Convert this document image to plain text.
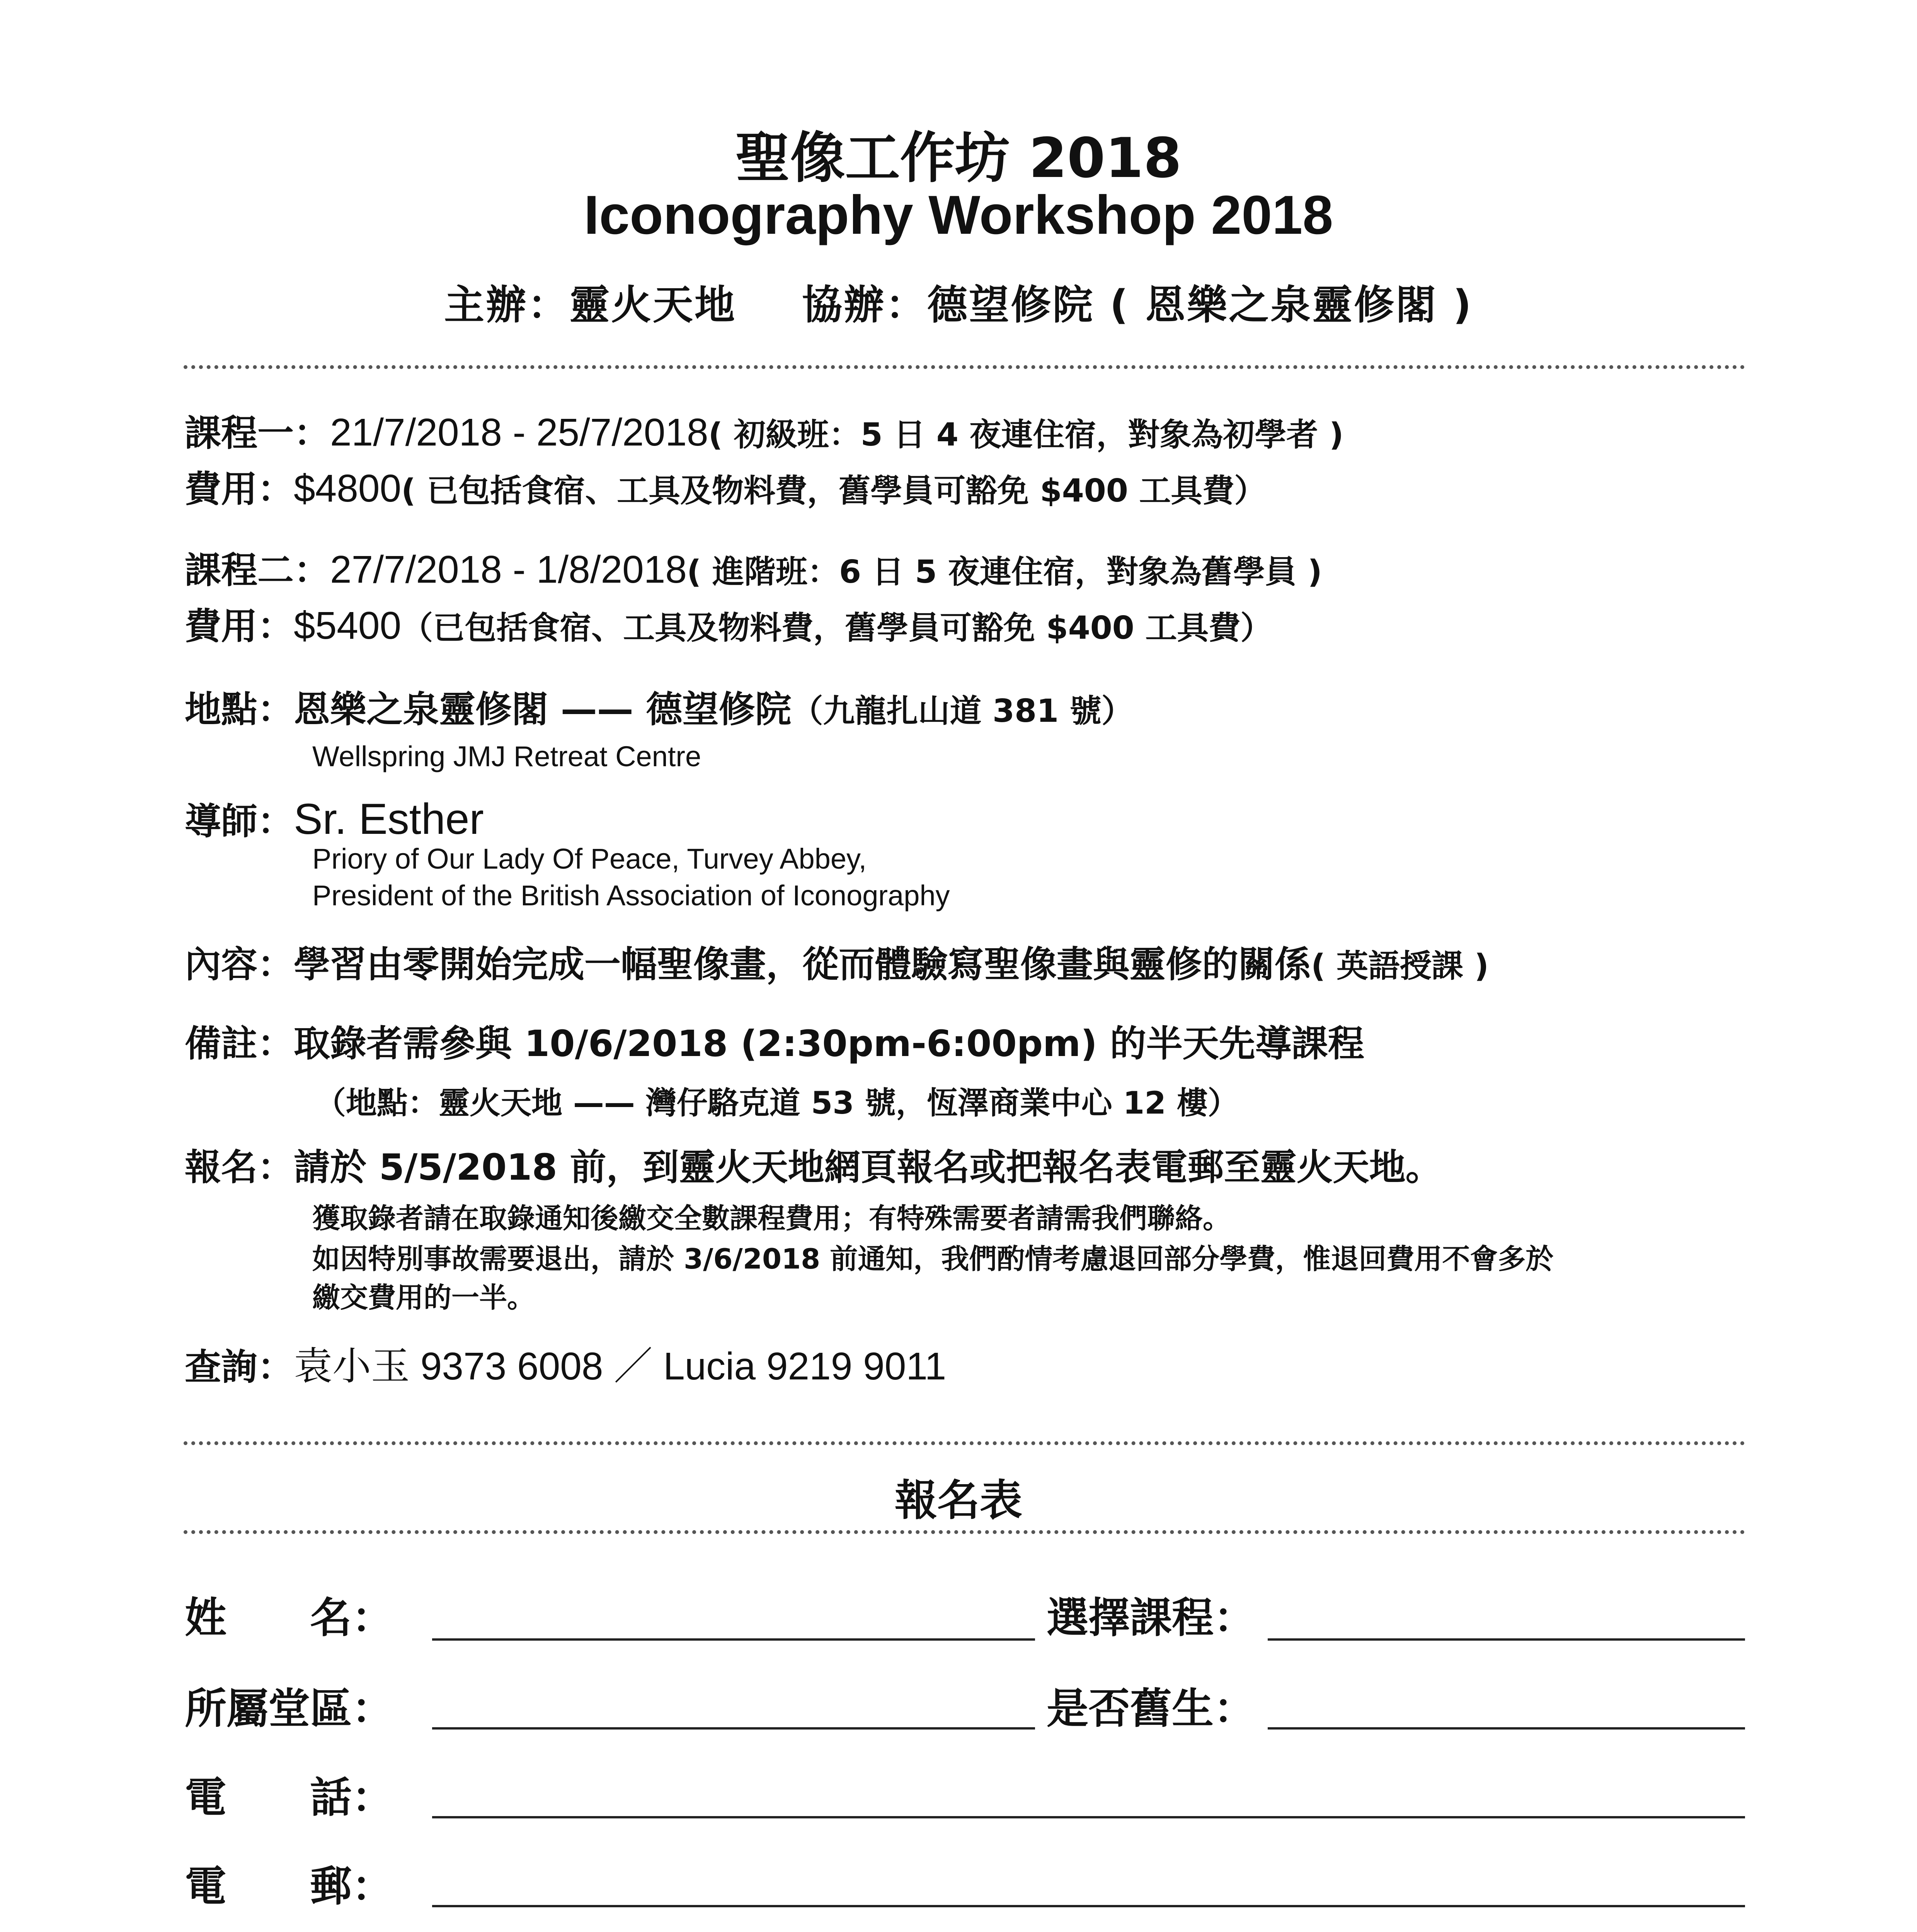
聖像工作坊 2018
Iconography Workshop 2018
主辦：靈火天地 協辦：德望修院 ( 恩樂之泉靈修閣 )
課程一：21/7/2018 - 25/7/2018( 初級班：5 日 4 夜連住宿，對象為初學者 )
費用：$4800( 已包括食宿、工具及物料費，舊學員可豁免 $400 工具費）
課程二：27/7/2018 - 1/8/2018( 進階班：6 日 5 夜連住宿，對象為舊學員 )
費用：$5400（已包括食宿、工具及物料費，舊學員可豁免 $400 工具費）
地點：恩樂之泉靈修閣 —— 德望修院（九龍扎山道 381 號）
Wellspring JMJ Retreat Centre
導師：Sr. Esther
Priory of Our Lady Of Peace, Turvey Abbey,
President of the British Association of Iconography
內容：學習由零開始完成一幅聖像畫，從而體驗寫聖像畫與靈修的關係( 英語授課 )
備註：取錄者需參與 10/6/2018 (2:30pm-6:00pm) 的半天先導課程
（地點：靈火天地 —— 灣仔駱克道 53 號，恆澤商業中心 12 樓）
報名：請於 5/5/2018 前，到靈火天地網頁報名或把報名表電郵至靈火天地。
獲取錄者請在取錄通知後繳交全數課程費用；有特殊需要者請需我們聯絡。
如因特別事故需要退出，請於 3/6/2018 前通知，我們酌情考慮退回部分學費，惟退回費用不會多於
繳交費用的一半。
查詢：袁小玉 9373 6008 ／ Lucia 9219 9011
報名表
姓　　名：	選擇課程：
所屬堂區：	是否舊生：
電　　話：
電　　郵：
